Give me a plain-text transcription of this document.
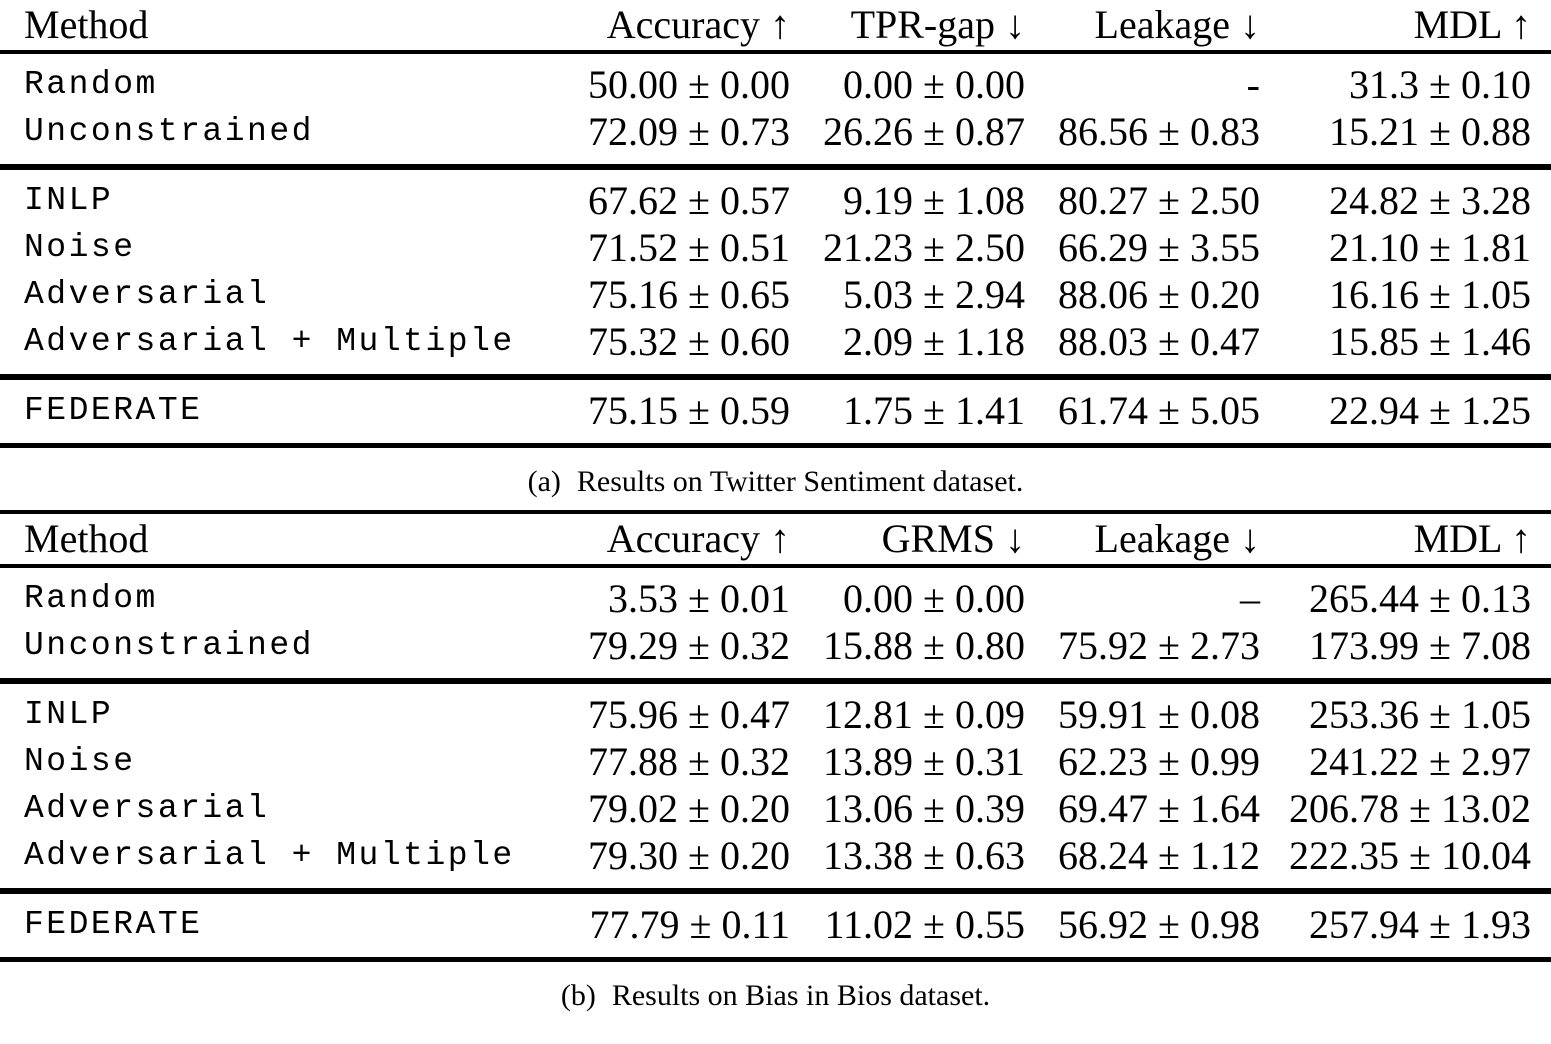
Method	Accuracy ↑	TPR-gap ↓	Leakage ↓	MDL ↑
Random	50.00 ± 0.00	0.00 ± 0.00	-	31.3 ± 0.10
Unconstrained	72.09 ± 0.73	26.26 ± 0.87	86.56 ± 0.83	15.21 ± 0.88

INLP	67.62 ± 0.57	9.19 ± 1.08	80.27 ± 2.50	24.82 ± 3.28
Noise	71.52 ± 0.51	21.23 ± 2.50	66.29 ± 3.55	21.10 ± 1.81
Adversarial	75.16 ± 0.65	5.03 ± 2.94	88.06 ± 0.20	16.16 ± 1.05
Adversarial + Multiple	75.32 ± 0.60	2.09 ± 1.18	88.03 ± 0.47	15.85 ± 1.46

FEDERATE	75.15 ± 0.59	1.75 ± 1.41	61.74 ± 5.05	22.94 ± 1.25

(a) Results on Twitter Sentiment dataset.

Method	Accuracy ↑	GRMS ↓	Leakage ↓	MDL ↑
Random	3.53 ± 0.01	0.00 ± 0.00	–	265.44 ± 0.13
Unconstrained	79.29 ± 0.32	15.88 ± 0.80	75.92 ± 2.73	173.99 ± 7.08

INLP	75.96 ± 0.47	12.81 ± 0.09	59.91 ± 0.08	253.36 ± 1.05
Noise	77.88 ± 0.32	13.89 ± 0.31	62.23 ± 0.99	241.22 ± 2.97
Adversarial	79.02 ± 0.20	13.06 ± 0.39	69.47 ± 1.64	206.78 ± 13.02
Adversarial + Multiple	79.30 ± 0.20	13.38 ± 0.63	68.24 ± 1.12	222.35 ± 10.04

FEDERATE	77.79 ± 0.11	11.02 ± 0.55	56.92 ± 0.98	257.94 ± 1.93

(b) Results on Bias in Bios dataset.
